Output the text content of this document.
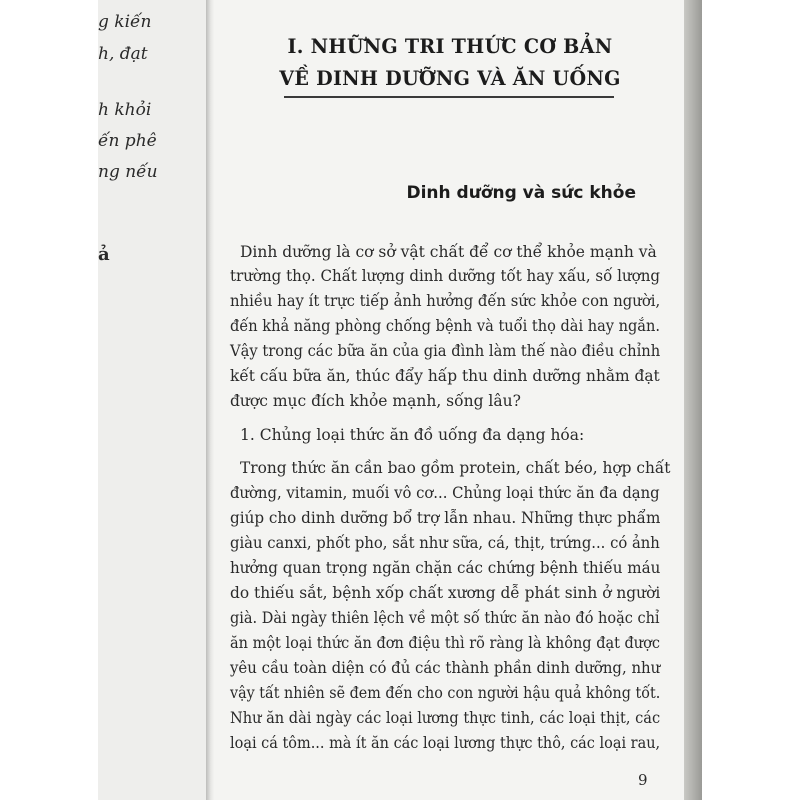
g kiến
h, đạt
h khỏi
ến phê
ng nếu
ả
I. NHỮNG TRI THỨC CƠ BẢN
VỀ DINH DƯỠNG VÀ ĂN UỐNG
Dinh dưỡng và sức khỏe
Dinh dưỡng là cơ sở vật chất để cơ thể khỏe mạnh và
trường thọ. Chất lượng dinh dưỡng tốt hay xấu, số lượng
nhiều hay ít trực tiếp ảnh hưởng đến sức khỏe con người,
đến khả năng phòng chống bệnh và tuổi thọ dài hay ngắn.
Vậy trong các bữa ăn của gia đình làm thế nào điều chỉnh
kết cấu bữa ăn, thúc đẩy hấp thu dinh dưỡng nhằm đạt
được mục đích khỏe mạnh, sống lâu?
1. Chủng loại thức ăn đồ uống đa dạng hóa:
Trong thức ăn cần bao gồm protein, chất béo, hợp chất
đường, vitamin, muối vô cơ... Chủng loại thức ăn đa dạng
giúp cho dinh dưỡng bổ trợ lẫn nhau. Những thực phẩm
giàu canxi, phốt pho, sắt như sữa, cá, thịt, trứng... có ảnh
hưởng quan trọng ngăn chặn các chứng bệnh thiếu máu
do thiếu sắt, bệnh xốp chất xương dễ phát sinh ở người
già. Dài ngày thiên lệch về một số thức ăn nào đó hoặc chỉ
ăn một loại thức ăn đơn điệu thì rõ ràng là không đạt được
yêu cầu toàn diện có đủ các thành phần dinh dưỡng, như
vậy tất nhiên sẽ đem đến cho con người hậu quả không tốt.
Như ăn dài ngày các loại lương thực tinh, các loại thịt, các
loại cá tôm... mà ít ăn các loại lương thực thô, các loại rau,
9
